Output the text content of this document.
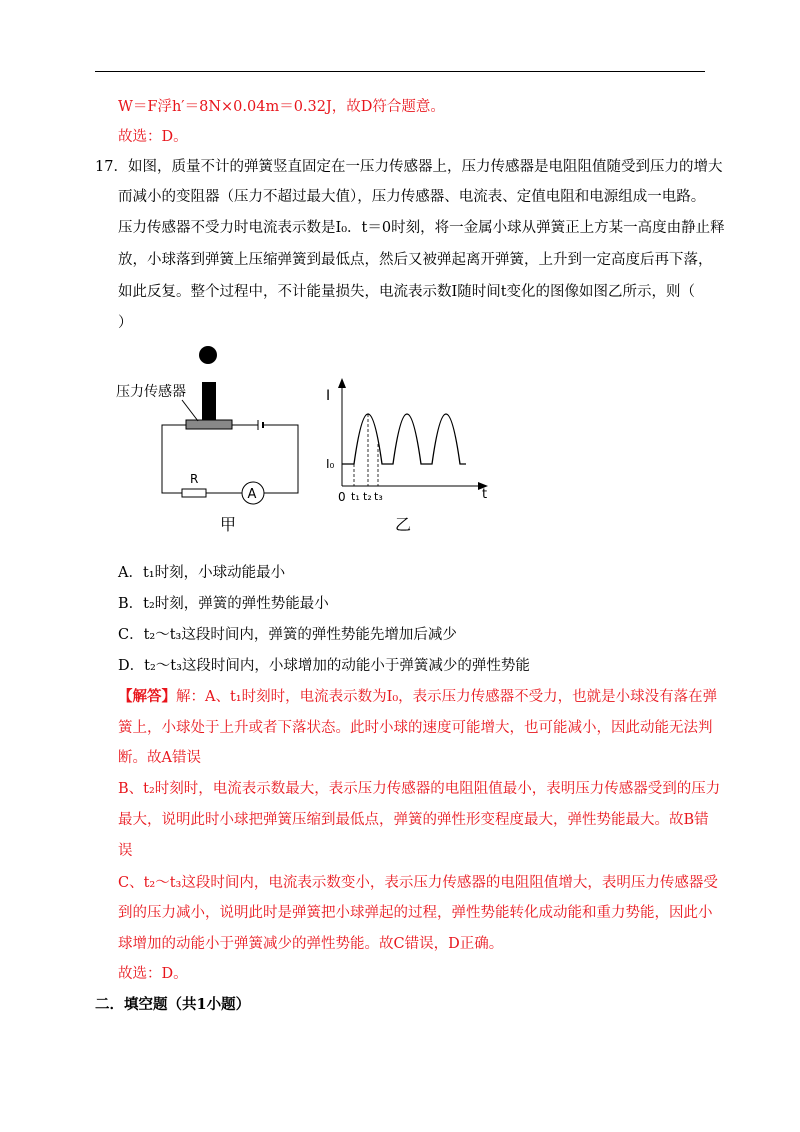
W＝F浮h′＝8N×0.04m＝0.32J，故D符合题意。
故选：D。
17．如图，质量不计的弹簧竖直固定在一压力传感器上，压力传感器是电阻阻值随受到压力的增大
而减小的变阻器（压力不超过最大值），压力传感器、电流表、定值电阻和电源组成一电路。
压力传感器不受力时电流表示数是I₀．t＝0时刻，将一金属小球从弹簧正上方某一高度由静止释
放，小球落到弹簧上压缩弹簧到最低点，然后又被弹起离开弹簧，上升到一定高度后再下落，
如此反复。整个过程中，不计能量损失，电流表示数I随时间t变化的图像如图乙所示，则（
）
压力传感器
R
A
甲
I
t
0
I₀
t₁ t₂ t₃
乙
A．t₁时刻，小球动能最小
B．t₂时刻，弹簧的弹性势能最小
C．t₂～t₃这段时间内，弹簧的弹性势能先增加后减少
D．t₂～t₃这段时间内，小球增加的动能小于弹簧减少的弹性势能
【解答】解：A、t₁时刻时，电流表示数为I₀，表示压力传感器不受力，也就是小球没有落在弹
簧上，小球处于上升或者下落状态。此时小球的速度可能增大，也可能减小，因此动能无法判
断。故A错误
B、t₂时刻时，电流表示数最大，表示压力传感器的电阻阻值最小，表明压力传感器受到的压力
最大，说明此时小球把弹簧压缩到最低点，弹簧的弹性形变程度最大，弹性势能最大。故B错
误
C、t₂～t₃这段时间内，电流表示数变小，表示压力传感器的电阻阻值增大，表明压力传感器受
到的压力减小，说明此时是弹簧把小球弹起的过程，弹性势能转化成动能和重力势能，因此小
球增加的动能小于弹簧减少的弹性势能。故C错误，D正确。
故选：D。
二．填空题（共1小题）
